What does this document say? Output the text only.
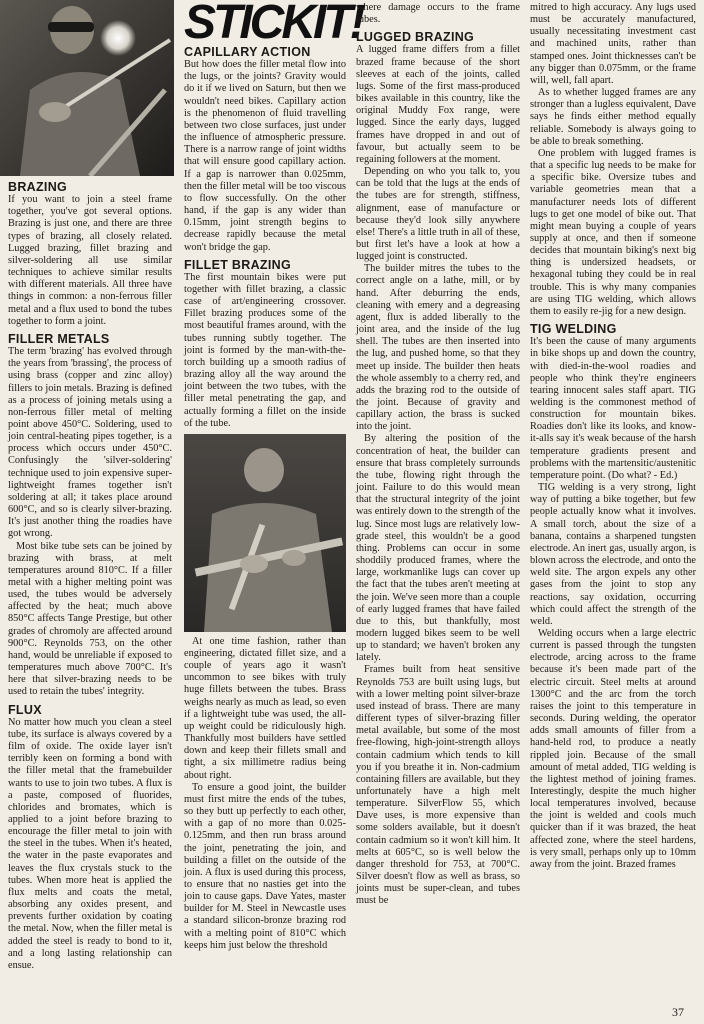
STICKIT!
BRAZING

If you want to join a steel frame together, you've got several options. Brazing is just one, and there are three types of brazing, all closely related. Lugged brazing, fillet brazing and silver-soldering all use similar techniques to achieve similar results with different materials. All three have things in common: a non-ferrous filler metal and a flux used to bond the tubes together to form a joint.

FILLER METALS

The term 'brazing' has evolved through the years from 'brassing', the process of using brass (copper and zinc alloy) fillers to join metals. Brazing is defined as a process of joining metals using a non-ferrous filler metal of melting point above 450°C. Soldering, used to join central-heating pipes together, is a process which occurs under 450°C. Confusingly the 'silver-soldering' technique used to join expensive super-lightweight frames together isn't soldering at all; it takes place around 600°C, and so is clearly silver-brazing. It's just another thing the roadies have got wrong.

Most bike tube sets can be joined by brazing with brass, at melt temperatures around 810°C. If a filler metal with a higher melting point was used, the tubes would be adversely affected by the heat; much above 850°C affects Tange Prestige, but other grades of chromoly are affected around 900°C. Reynolds 753, on the other hand, would be unreliable if exposed to temperatures much above 700°C. It's here that silver-brazing needs to be used to retain the tubes' integrity.

FLUX

No matter how much you clean a steel tube, its surface is always covered by a film of oxide. The oxide layer isn't terribly keen on forming a bond with the filler metal that the framebuilder wants to use to join two tubes. A flux is a paste, composed of fluorides, chlorides and bromates, which is applied to a joint before brazing to encourage the filler metal to join with the steel in the tubes. When it's heated, the water in the paste evaporates and leaves the flux crystals stuck to the tubes. When more heat is applied the flux melts and coats the metal, absorbing any oxides present, and prevents further oxidation by coating the metal. Now, when the filler metal is added the steel is ready to bond to it, and a long lasting relationship can ensue.

CAPILLARY ACTION

But how does the filler metal flow into the lugs, or the joints? Gravity would do it if we lived on Saturn, but then we wouldn't need bikes. Capillary action is the phenomenon of fluid travelling between two close surfaces, just under the influence of atmospheric pressure. There is a narrow range of joint widths that will ensure good capillary action. If a gap is narrower than 0.025mm, then the filler metal will be too viscous to flow successfully. On the other hand, if the gap is any wider than 0.15mm, joint strength begins to decrease rapidly because the metal won't bridge the gap.

FILLET BRAZING

The first mountain bikes were put together with fillet brazing, a classic case of art/engineering crossover. Fillet brazing produces some of the most beautiful frames around, with the tubes running subtly together. The joint is formed by the man-with-the-torch building up a smooth radius of brazing alloy all the way around the joint between the two tubes, with the filler metal penetrating the gap, and actually forming a fillet on the inside of the tube.

At one time fashion, rather than engineering, dictated fillet size, and a couple of years ago it wasn't uncommon to see bikes with truly huge fillets between the tubes. Brass weighs nearly as much as lead, so even if a lightweight tube was used, the all-up weight could be ridiculously high. Thankfully most builders have settled down and keep their fillets small and tight, a six millimetre radius being about right.

To ensure a good joint, the builder must first mitre the ends of the tubes, so they butt up perfectly to each other, with a gap of no more than 0.025-0.125mm, and then run brass around the joint, penetrating the join, and building a fillet on the outside of the join. A flux is used during this process, to ensure that no nasties get into the join to cause gaps. Dave Yates, master builder for M. Steel in Newcastle uses a standard silicon-bronze brazing rod with a melting point of 810°C which keeps him just below the threshold

where damage occurs to the frame tubes.

LUGGED BRAZING

A lugged frame differs from a fillet brazed frame because of the short sleeves at each of the joints, called lugs. Some of the first mass-produced bikes available in this country, like the original Muddy Fox range, were lugged. Since the early days, lugged frames have dropped in and out of favour, but actually seem to be regaining followers at the moment.

Depending on who you talk to, you can be told that the lugs at the ends of the tubes are for strength, stiffness, alignment, ease of manufacture or because they'd look silly anywhere else! There's a little truth in all of these, but first let's have a look at how a lugged joint is constructed.

The builder mitres the tubes to the correct angle on a lathe, mill, or by hand. After deburring the ends, cleaning with emery and a degreasing agent, flux is added liberally to the joint area, and the inside of the lug shell. The tubes are then inserted into the lug, and pushed home, so that they meet up inside. The builder then heats the whole assembly to a cherry red, and adds the brazing rod to the outside of the joint. Because of gravity and capillary action, the brass is sucked into the joint.

By altering the position of the concentration of heat, the builder can ensure that brass completely surrounds the tube, flowing right through the joint. Failure to do this would mean that the structural integrity of the joint was entirely down to the strength of the lug. Since most lugs are relatively low-grade steel, this wouldn't be a good thing. Problems can occur in some shoddily produced frames, where the large, workmanlike lugs can cover up the fact that the tubes aren't meeting at the join. We've seen more than a couple of early lugged frames that have failed due to this, but thankfully, most modern lugged bikes seem to be well up to standard; we haven't broken any lately.

Frames built from heat sensitive Reynolds 753 are built using lugs, but with a lower melting point silver-braze used instead of brass. There are many different types of silver-brazing filler metal available, but some of the most free-flowing, high-joint-strength alloys contain cadmium which tends to kill you if you breathe it in. Non-cadmium containing fillers are available, but they unfortunately have a high melt temperature. SilverFlow 55, which Dave uses, is more expensive than some solders available, but it doesn't contain cadmium so it won't kill him. It melts at 605°C, so is well below the danger threshold for 753, at 700°C. Silver doesn't flow as well as brass, so joints must be super-clean, and tubes must be

mitred to high accuracy. Any lugs used must be accurately manufactured, usually necessitating investment cast and machined units, rather than stamped ones. Joint thicknesses can't be any bigger than 0.075mm, or the frame will, well, fall apart.

As to whether lugged frames are any stronger than a lugless equivalent, Dave says he finds either method equally reliable. Somebody is always going to be able to break something.

One problem with lugged frames is that a specific lug needs to be make for a specific bike. Oversize tubes and variable geometries mean that a manufacturer needs lots of different lugs to get one model of bike out. That might mean buying a couple of years supply at once, and then if someone decides that mountain biking's next big thing is undersized headsets, or hexagonal tubing they could be in real trouble. This is why many companies are using TIG welding, which allows them to easily re-jig for a new design.

TIG WELDING

It's been the cause of many arguments in bike shops up and down the country, with died-in-the-wool roadies and people who think they're engineers tearing innocent sales staff apart. TIG welding is the commonest method of construction for mountain bikes. Roadies don't like its looks, and know-it-alls say it's weak because of the harsh temperature gradients present and problems with the martensitic/austenitic temperature point. (Do what? - Ed.)

TIG welding is a very strong, light way of putting a bike together, but few people actually know what it involves. A small torch, about the size of a banana, contains a sharpened tungsten electrode. An inert gas, usually argon, is blown across the electrode, and onto the weld site. The argon expels any other gases from the joint to stop any reactions, say oxidation, occurring which could affect the strength of the weld.

Welding occurs when a large electric current is passed through the tungsten electrode, arcing across to the frame because it's been made part of the electric circuit. Steel melts at around 1300°C and the arc from the torch raises the joint to this temperature in seconds. During welding, the operator adds small amounts of filler from a hand-held rod, to produce a neatly rippled join. Because of the small amount of metal added, TIG welding is the lightest method of joining frames. Interestingly, despite the much higher local temperatures involved, because the joint is welded and cools much quicker than if it was brazed, the heat affected zone, where the steel hardens, is very small, perhaps only up to 10mm away from the joint. Brazed frames

37
